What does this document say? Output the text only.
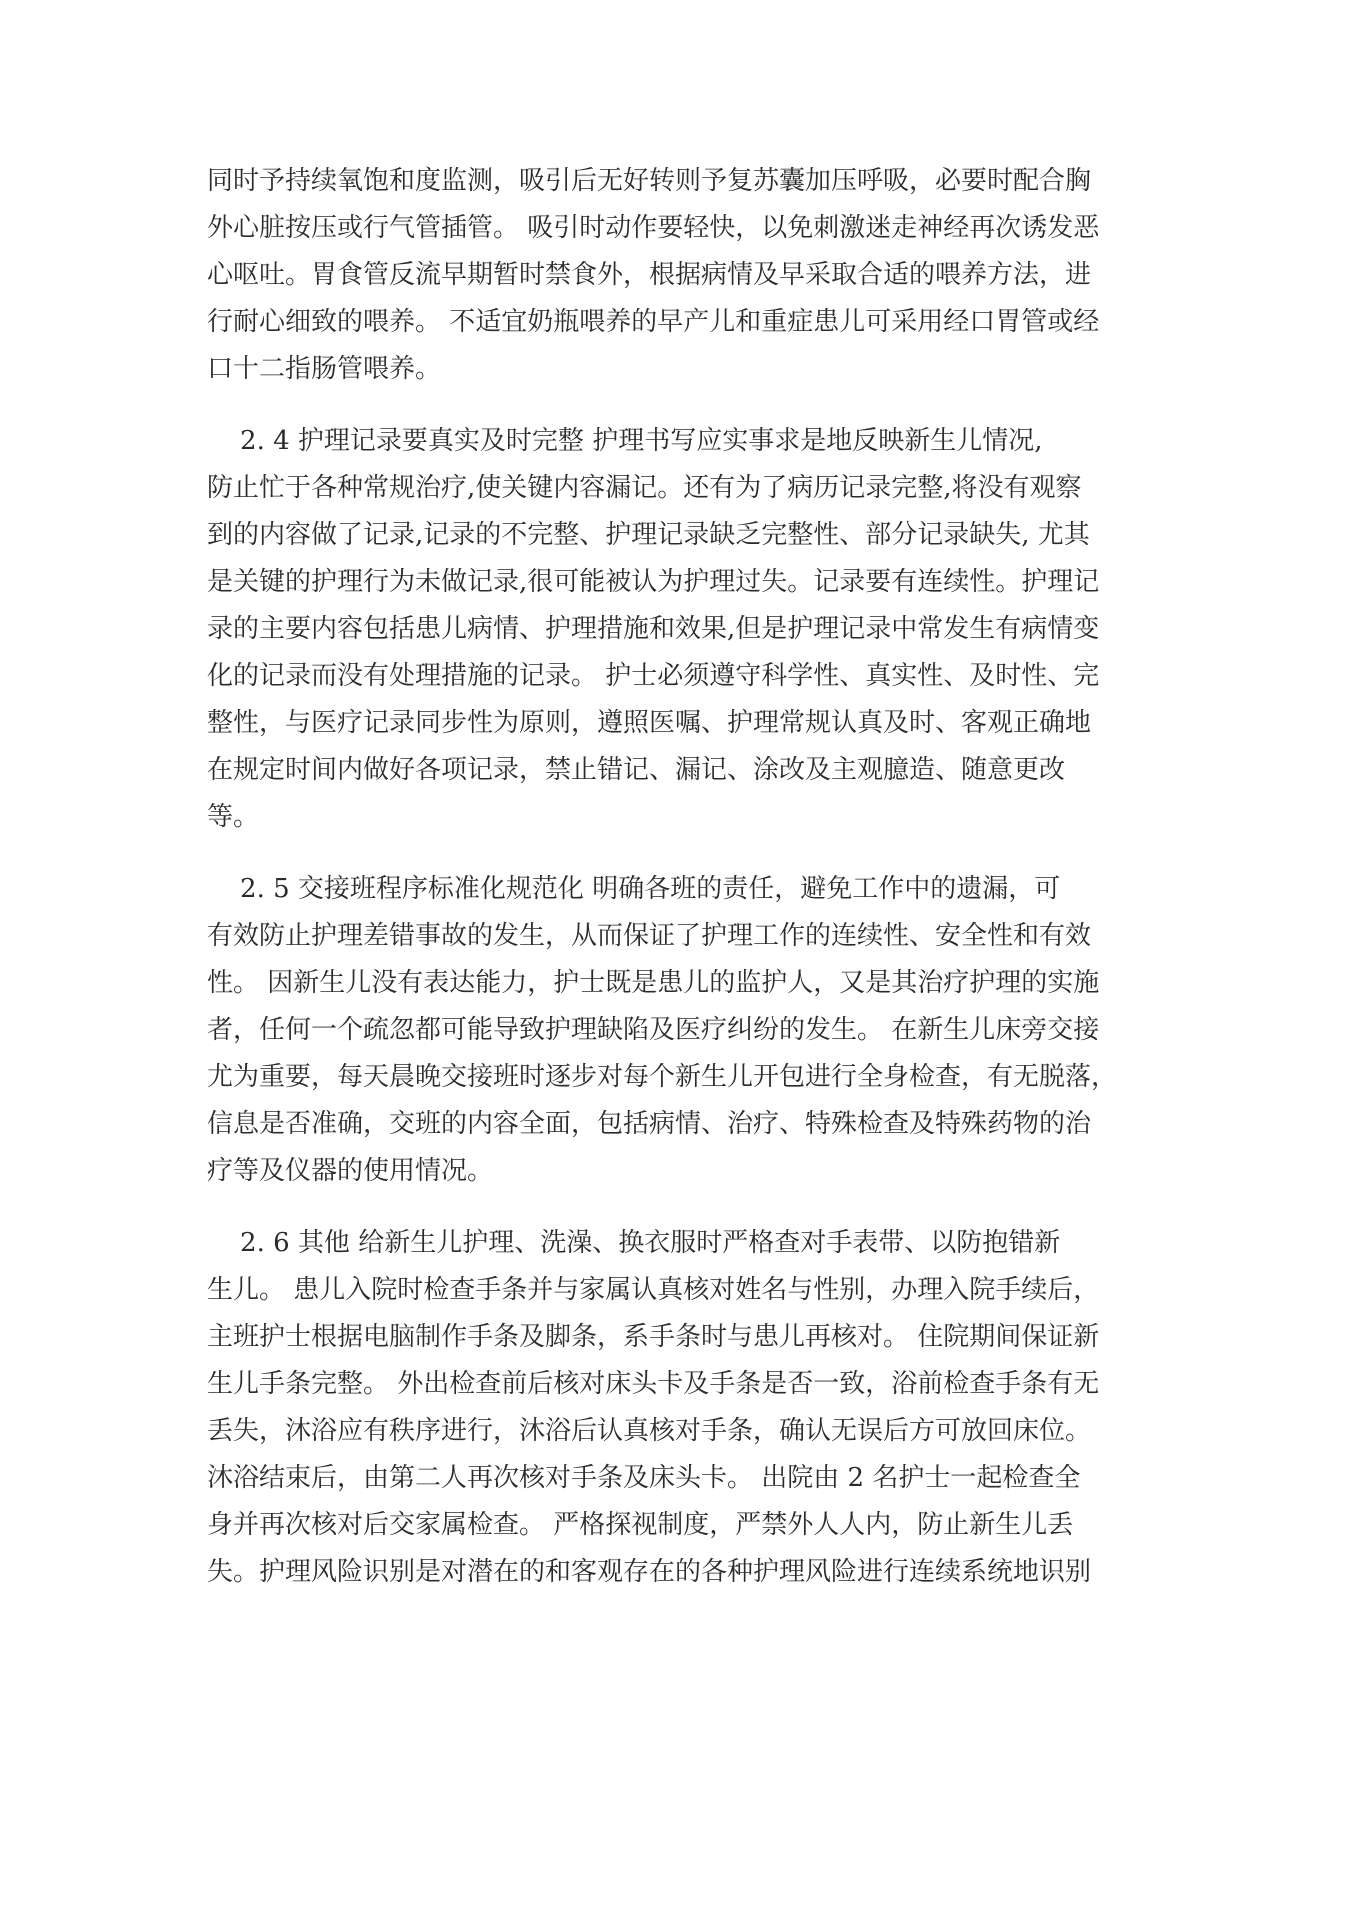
同时予持续氧饱和度监测，吸引后无好转则予复苏囊加压呼吸，必要时配合胸
外心脏按压或行气管插管。 吸引时动作要轻快，以免刺激迷走神经再次诱发恶
心呕吐。胃食管反流早期暂时禁食外，根据病情及早采取合适的喂养方法，进
行耐心细致的喂养。 不适宜奶瓶喂养的早产儿和重症患儿可采用经口胃管或经
口十二指肠管喂养。
2. 4 护理记录要真实及时完整 护理书写应实事求是地反映新生儿情况,
防止忙于各种常规治疗,使关键内容漏记。还有为了病历记录完整,将没有观察
到的内容做了记录,记录的不完整、护理记录缺乏完整性、部分记录缺失, 尤其
是关键的护理行为未做记录,很可能被认为护理过失。记录要有连续性。护理记
录的主要内容包括患儿病情、护理措施和效果,但是护理记录中常发生有病情变
化的记录而没有处理措施的记录。 护士必须遵守科学性、真实性、及时性、完
整性，与医疗记录同步性为原则，遵照医嘱、护理常规认真及时、客观正确地
在规定时间内做好各项记录，禁止错记、漏记、涂改及主观臆造、随意更改
等。
2. 5 交接班程序标准化规范化 明确各班的责任，避免工作中的遗漏，可
有效防止护理差错事故的发生，从而保证了护理工作的连续性、安全性和有效
性。 因新生儿没有表达能力，护士既是患儿的监护人，又是其治疗护理的实施
者，任何一个疏忽都可能导致护理缺陷及医疗纠纷的发生。 在新生儿床旁交接
尤为重要，每天晨晚交接班时逐步对每个新生儿开包进行全身检查，有无脱落，
信息是否准确，交班的内容全面，包括病情、治疗、特殊检查及特殊药物的治
疗等及仪器的使用情况。
2. 6 其他 给新生儿护理、洗澡、换衣服时严格查对手表带、以防抱错新
生儿。 患儿入院时检查手条并与家属认真核对姓名与性别，办理入院手续后，
主班护士根据电脑制作手条及脚条，系手条时与患儿再核对。 住院期间保证新
生儿手条完整。 外出检查前后核对床头卡及手条是否一致，浴前检查手条有无
丢失，沐浴应有秩序进行，沐浴后认真核对手条，确认无误后方可放回床位。
沐浴结束后，由第二人再次核对手条及床头卡。 出院由 2 名护士一起检查全
身并再次核对后交家属检查。 严格探视制度，严禁外人人内，防止新生儿丢
失。护理风险识别是对潜在的和客观存在的各种护理风险进行连续系统地识别
